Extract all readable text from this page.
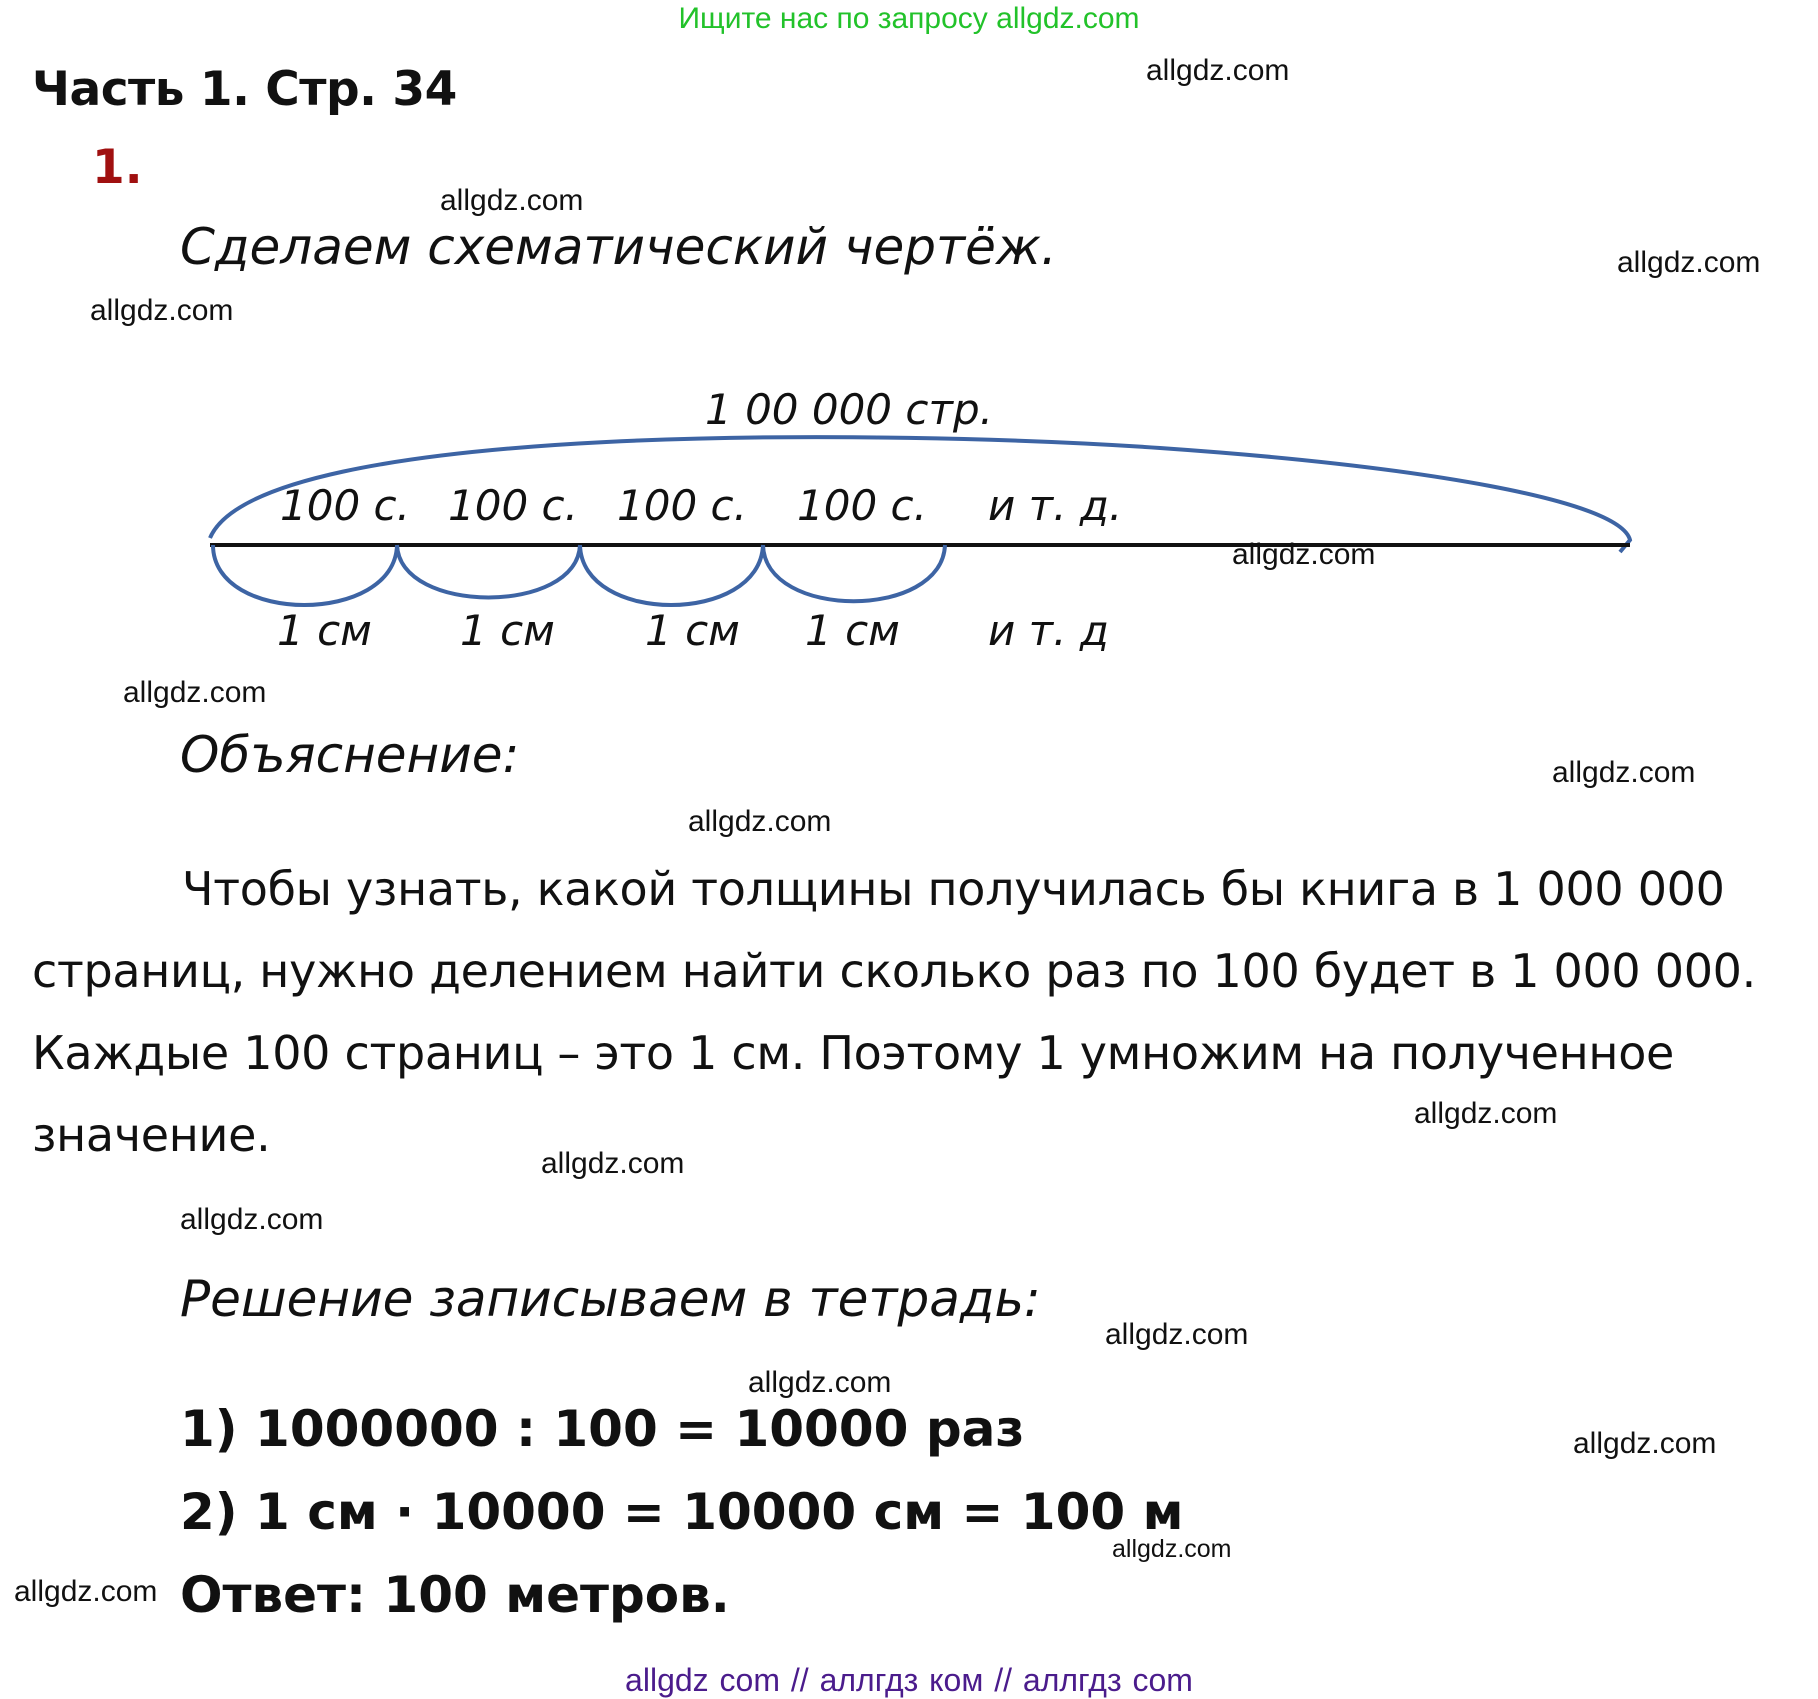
Ищите нас по запросу allgdz.com
Часть 1. Стр. 34
1.
Сделаем схематический чертёж.
1 00 000 стр.
100 с. 100 с. 100 с. 100 с. и т. д.
1 см 1 см 1 см 1 см и т. д
Объяснение:
Чтобы узнать, какой толщины получилась бы книга в 1 000 000 страниц, нужно делением найти сколько раз по 100 будет в 1 000 000. Каждые 100 страниц – это 1 см. Поэтому 1 умножим на полученное значение.
Решение записываем в тетрадь:
1) 1000000 : 100 = 10000 раз
2) 1 см · 10000 = 10000 см = 100 м
Ответ: 100 метров.
allgdz.com
allgdz.com
allgdz.com
allgdz.com
allgdz.com
allgdz.com
allgdz.com
allgdz.com
allgdz.com
allgdz.com
allgdz.com
allgdz.com
allgdz.com
allgdz.com
allgdz.com
allgdz.com
allgdz com // аллгдз ком // аллгдз com
